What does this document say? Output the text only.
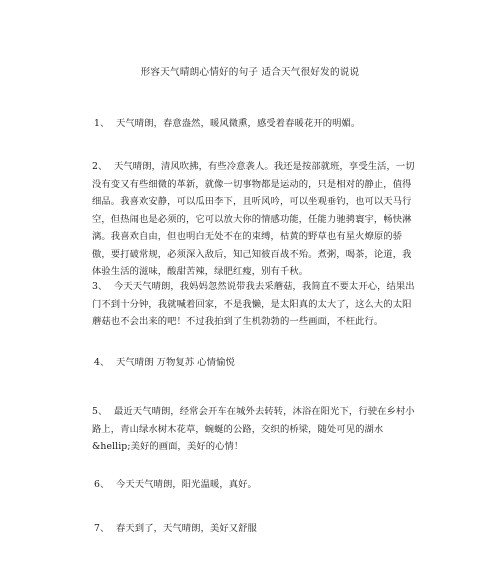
形容天气晴朗心情好的句子 适合天气很好发的说说
1、 天气晴朗，春意盎然，暖风微熏，感受着春暖花开的明媚。
2、 天气晴朗，清风吹拂，有些冷意袭人。我还是按部就班，享受生活，一切没有变又有些细微的革新，就像一切事物都是运动的，只是相对的静止，值得细品。我喜欢安静，可以瓜田李下，且听风吟，可以坐观垂钓，也可以天马行空，但热闹也是必须的，它可以放大你的情感功能，任能力驰骋寰宇，畅快淋漓。我喜欢自由，但也明白无处不在的束缚，枯黄的野草也有星火燎原的骄傲，要打破常规，必须深入敌后，知己知彼百战不殆。煮粥，喝茶，论道，我体验生活的滋味，酸甜苦辣，绿肥红瘦，别有千秋。
3、 今天天气晴朗，我妈妈忽然说带我去采蘑菇，我简直不要太开心，结果出门不到十分钟，我就喊着回家，不是我懒，是太阳真的太大了，这么大的太阳蘑菇也不会出来的吧！不过我拍到了生机勃勃的一些画面，不枉此行。
4、 天气晴朗 万物复苏 心情愉悦
5、 最近天气晴朗，经常会开车在城外去转转，沐浴在阳光下，行驶在乡村小路上，青山绿水树木花草，蜿蜒的公路，交织的桥梁，随处可见的湖水&hellip;美好的画面，美好的心情！
6、 今天天气晴朗，阳光温暖，真好。
7、 春天到了，天气晴朗，美好又舒服
